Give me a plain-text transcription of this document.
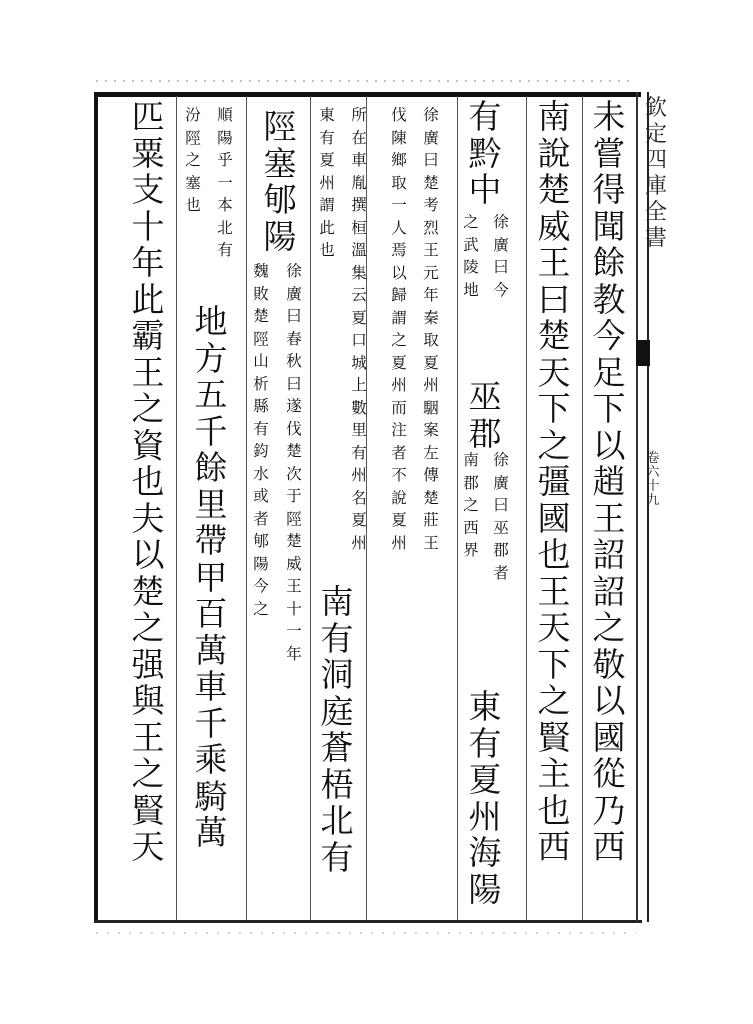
欽
定
四
庫
全
書
卷
六
十
九
未
嘗
得
聞
餘
教
今
足
下
以
趙
王
詔
詔
之
敬
以
國
從
乃
西
南
說
楚
威
王
曰
楚
天
下
之
彊
國
也
王
天
下
之
賢
主
也
西
有
黔
中
徐
廣
曰
今
之
武
陵
地
巫
郡
徐
廣
曰
巫
郡
者
南
郡
之
西
界
東
有
夏
州
海
陽
徐
廣
曰
楚
考
烈
王
元
年
秦
取
夏
州
駰
案
左
傳
楚
莊
王
伐
陳
鄉
取
一
人
焉
以
歸
謂
之
夏
州
而
注
者
不
說
夏
州
所
在
車
胤
撰
桓
溫
集
云
夏
口
城
上
數
里
有
州
名
夏
州
東
有
夏
州
謂
此
也
南
有
洞
庭
蒼
梧
北
有
陘
塞
郇
陽
徐
廣
曰
春
秋
曰
遂
伐
楚
次
于
陘
楚
威
王
十
一
年
魏
敗
楚
陘
山
析
縣
有
鈞
水
或
者
郇
陽
今
之
順
陽
乎
一
本
北
有
汾
陘
之
塞
也
地
方
五
千
餘
里
帶
甲
百
萬
車
千
乘
騎
萬
匹
粟
支
十
年
此
霸
王
之
資
也
夫
以
楚
之
强
與
王
之
賢
天
